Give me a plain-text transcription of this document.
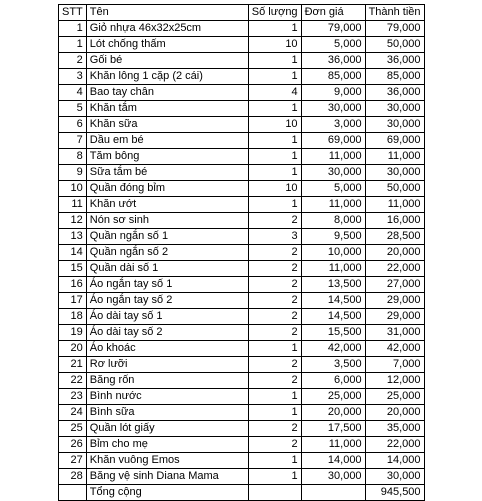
STT	Tên	Số lượng	Đơn giá	Thành tiền
1	Giỏ nhựa 46x32x25cm	1	79,000	79,000
1	Lót chống thấm	10	5,000	50,000
2	Gối bé	1	36,000	36,000
3	Khăn lông 1 cặp (2 cái)	1	85,000	85,000
4	Bao tay chân	4	9,000	36,000
5	Khăn tắm	1	30,000	30,000
6	Khăn sữa	10	3,000	30,000
7	Dầu em bé	1	69,000	69,000
8	Tăm bông	1	11,000	11,000
9	Sữa tắm bé	1	30,000	30,000
10	Quần đóng bỉm	10	5,000	50,000
11	Khăn ướt	1	11,000	11,000
12	Nón sơ sinh	2	8,000	16,000
13	Quần ngắn số 1	3	9,500	28,500
14	Quần ngắn số 2	2	10,000	20,000
15	Quần dài số 1	2	11,000	22,000
16	Áo ngắn tay số 1	2	13,500	27,000
17	Áo ngắn tay số 2	2	14,500	29,000
18	Áo dài tay số 1	2	14,500	29,000
19	Áo dài tay số 2	2	15,500	31,000
20	Áo khoác	1	42,000	42,000
21	Rơ lưỡi	2	3,500	7,000
22	Băng rốn	2	6,000	12,000
23	Bình nước	1	25,000	25,000
24	Bình sữa	1	20,000	20,000
25	Quần lót giấy	2	17,500	35,000
26	Bỉm cho mẹ	2	11,000	22,000
27	Khăn vuông Emos	1	14,000	14,000
28	Băng vệ sinh Diana Mama	1	30,000	30,000
	Tổng cộng			945,500
